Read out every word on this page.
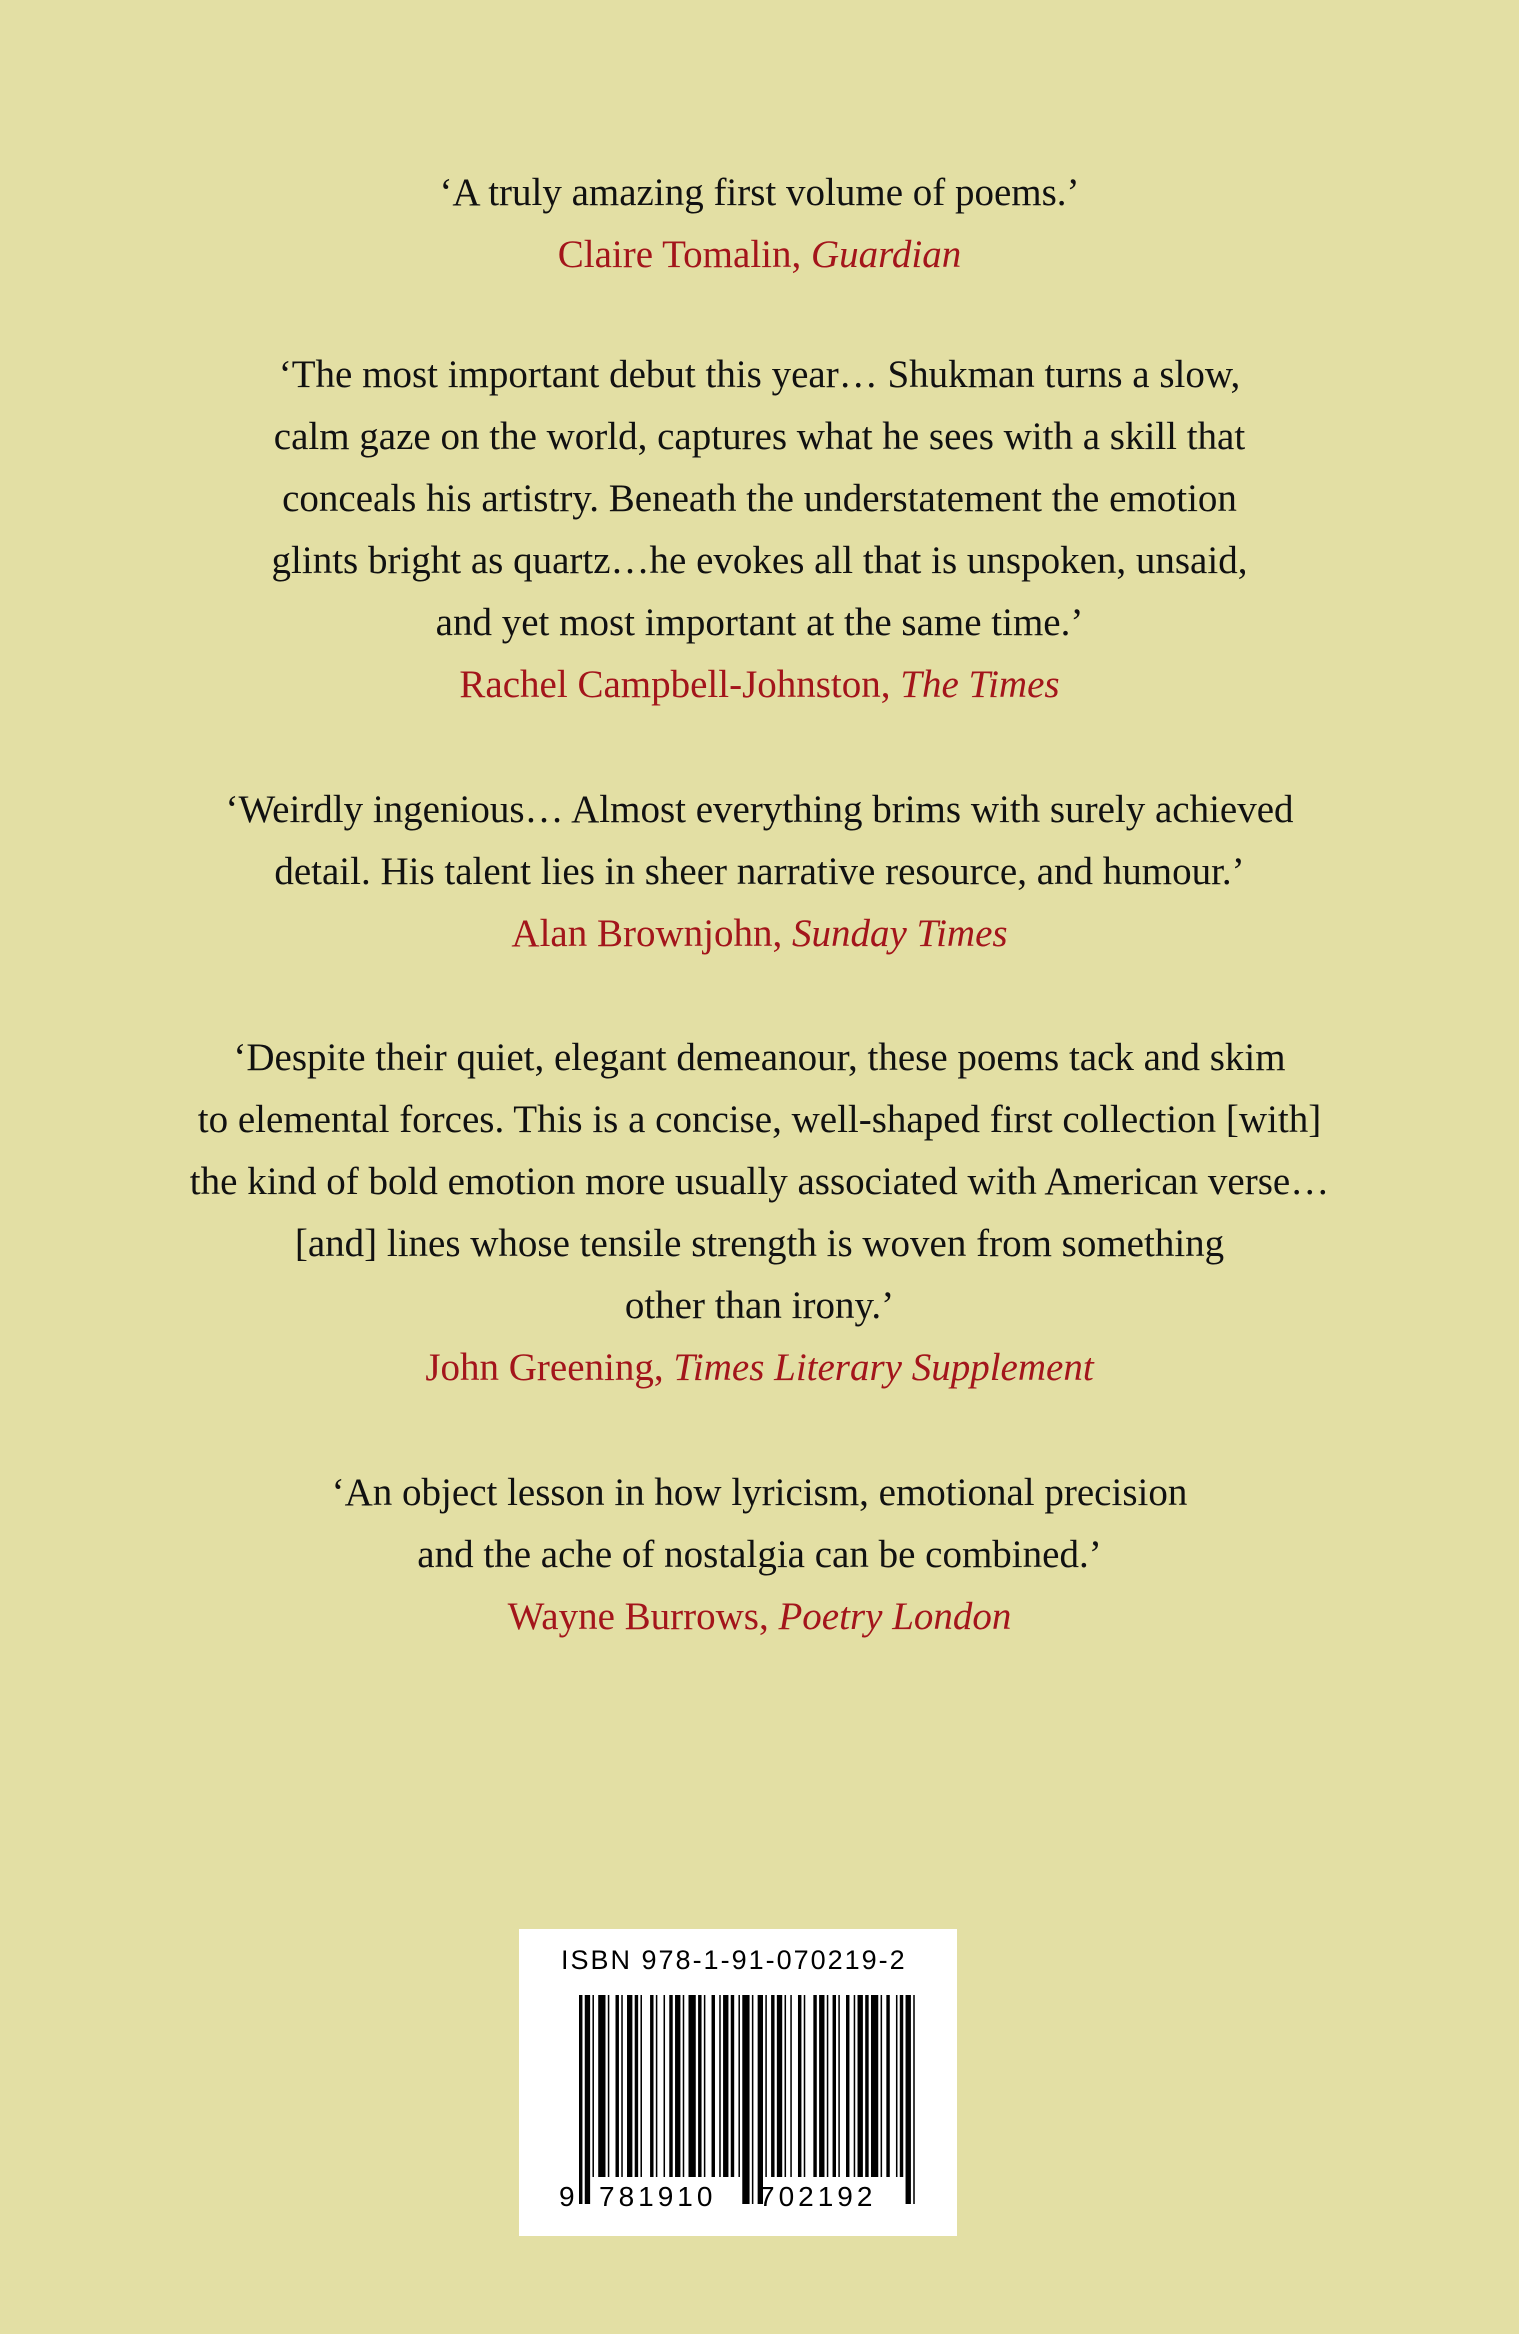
‘A truly amazing first volume of poems.’

Claire Tomalin, Guardian

‘The most important debut this year… Shukman turns a slow,

calm gaze on the world, captures what he sees with a skill that

conceals his artistry. Beneath the understatement the emotion

glints bright as quartz…he evokes all that is unspoken, unsaid,

and yet most important at the same time.’

Rachel Campbell-Johnston, The Times

‘Weirdly ingenious… Almost everything brims with surely achieved

detail. His talent lies in sheer narrative resource, and humour.’

Alan Brownjohn, Sunday Times

‘Despite their quiet, elegant demeanour, these poems tack and skim

to elemental forces. This is a concise, well-shaped first collection [with]

the kind of bold emotion more usually associated with American verse…

[and] lines whose tensile strength is woven from something

other than irony.’

John Greening, Times Literary Supplement

‘An object lesson in how lyricism, emotional precision

and the ache of nostalgia can be combined.’

Wayne Burrows, Poetry London

ISBN 978-1-91-070219-2
9 781910 702192
